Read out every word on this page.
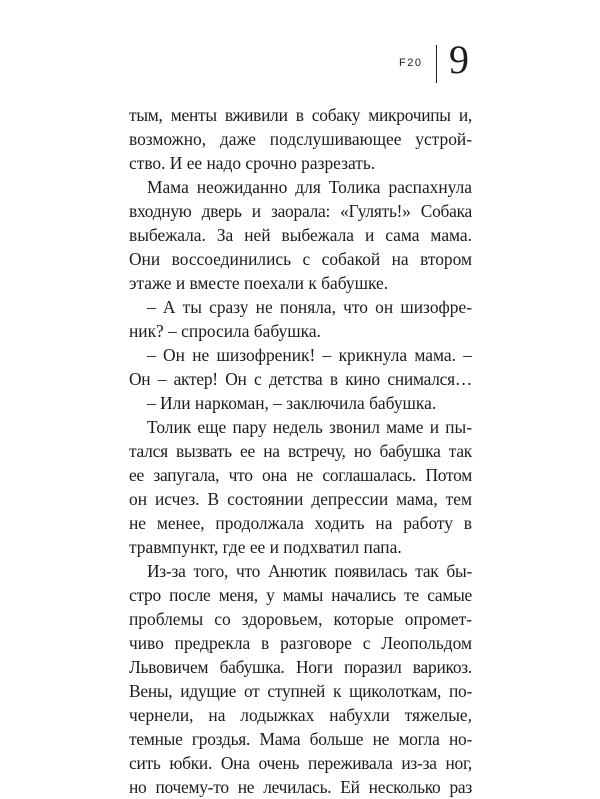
F20 9
тым, менты вживили в собаку микрочипы и,
возможно, даже подслушивающее устрой-
ство. И ее надо срочно разрезать.
Мама неожиданно для Толика распахнула
входную дверь и заорала: «Гулять!» Собака
выбежала. За ней выбежала и сама мама.
Они воссоединились с собакой на втором
этаже и вместе поехали к бабушке.
– А ты сразу не поняла, что он шизофре-
ник? – спросила бабушка.
– Он не шизофреник! – крикнула мама. –
Он – актер! Он с детства в кино снимался…
– Или наркоман, – заключила бабушка.
Толик еще пару недель звонил маме и пы-
тался вызвать ее на встречу, но бабушка так
ее запугала, что она не соглашалась. Потом
он исчез. В состоянии депрессии мама, тем
не менее, продолжала ходить на работу в
травмпункт, где ее и подхватил папа.
Из-за того, что Анютик появилась так бы-
стро после меня, у мамы начались те самые
проблемы со здоровьем, которые опромет-
чиво предрекла в разговоре с Леопольдом
Львовичем бабушка. Ноги поразил варикоз.
Вены, идущие от ступней к щиколоткам, по-
чернели, на лодыжках набухли тяжелые,
темные гроздья. Мама больше не могла но-
сить юбки. Она очень переживала из-за ног,
но почему-то не лечилась. Ей несколько раз
